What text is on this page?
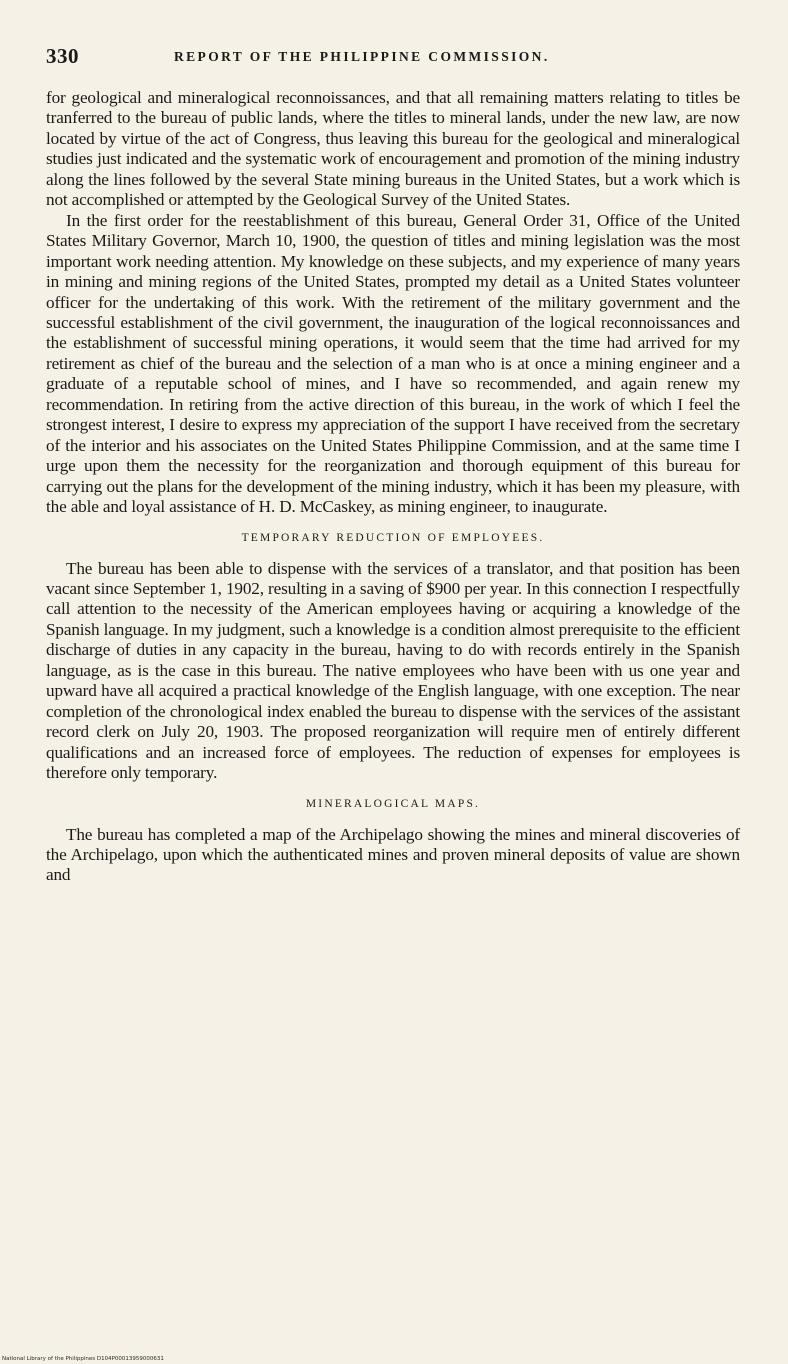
330	REPORT OF THE PHILIPPINE COMMISSION.

for geological and mineralogical reconnoissances, and that all remaining matters relating to titles be tranferred to the bureau of public lands, where the titles to mineral lands, under the new law, are now located by virtue of the act of Congress, thus leaving this bureau for the geological and mineralogical studies just indicated and the systematic work of encouragement and promotion of the mining industry along the lines followed by the several State mining bureaus in the United States, but a work which is not accomplished or attempted by the Geological Survey of the United States.

In the first order for the reestablishment of this bureau, General Order 31, Office of the United States Military Governor, March 10, 1900, the question of titles and mining legislation was the most important work needing attention. My knowledge on these subjects, and my experience of many years in mining and mining regions of the United States, prompted my detail as a United States volunteer officer for the undertaking of this work. With the retirement of the military government and the successful establishment of the civil government, the inauguration of the logical reconnoissances and the establishment of successful mining operations, it would seem that the time had arrived for my retirement as chief of the bureau and the selection of a man who is at once a mining engineer and a graduate of a reputable school of mines, and I have so recommended, and again renew my recommendation. In retiring from the active direction of this bureau, in the work of which I feel the strongest interest, I desire to express my appreciation of the support I have received from the secretary of the interior and his associates on the United States Philippine Commission, and at the same time I urge upon them the necessity for the reorganization and thorough equipment of this bureau for carrying out the plans for the development of the mining industry, which it has been my pleasure, with the able and loyal assistance of H. D. McCaskey, as mining engineer, to inaugurate.

TEMPORARY REDUCTION OF EMPLOYEES.

The bureau has been able to dispense with the services of a translator, and that position has been vacant since September 1, 1902, resulting in a saving of $900 per year. In this connection I respectfully call attention to the necessity of the American employees having or acquiring a knowledge of the Spanish language. In my judgment, such a knowledge is a condition almost prerequisite to the efficient discharge of duties in any capacity in the bureau, having to do with records entirely in the Spanish language, as is the case in this bureau. The native employees who have been with us one year and upward have all acquired a practical knowledge of the English language, with one exception. The near completion of the chronological index enabled the bureau to dispense with the services of the assistant record clerk on July 20, 1903. The proposed reorganization will require men of entirely different qualifications and an increased force of employees. The reduction of expenses for employees is therefore only temporary.

MINERALOGICAL MAPS.

The bureau has completed a map of the Archipelago showing the mines and mineral discoveries of the Archipelago, upon which the authenticated mines and proven mineral deposits of value are shown and

National Library of the Philippines D104P00013959000631
